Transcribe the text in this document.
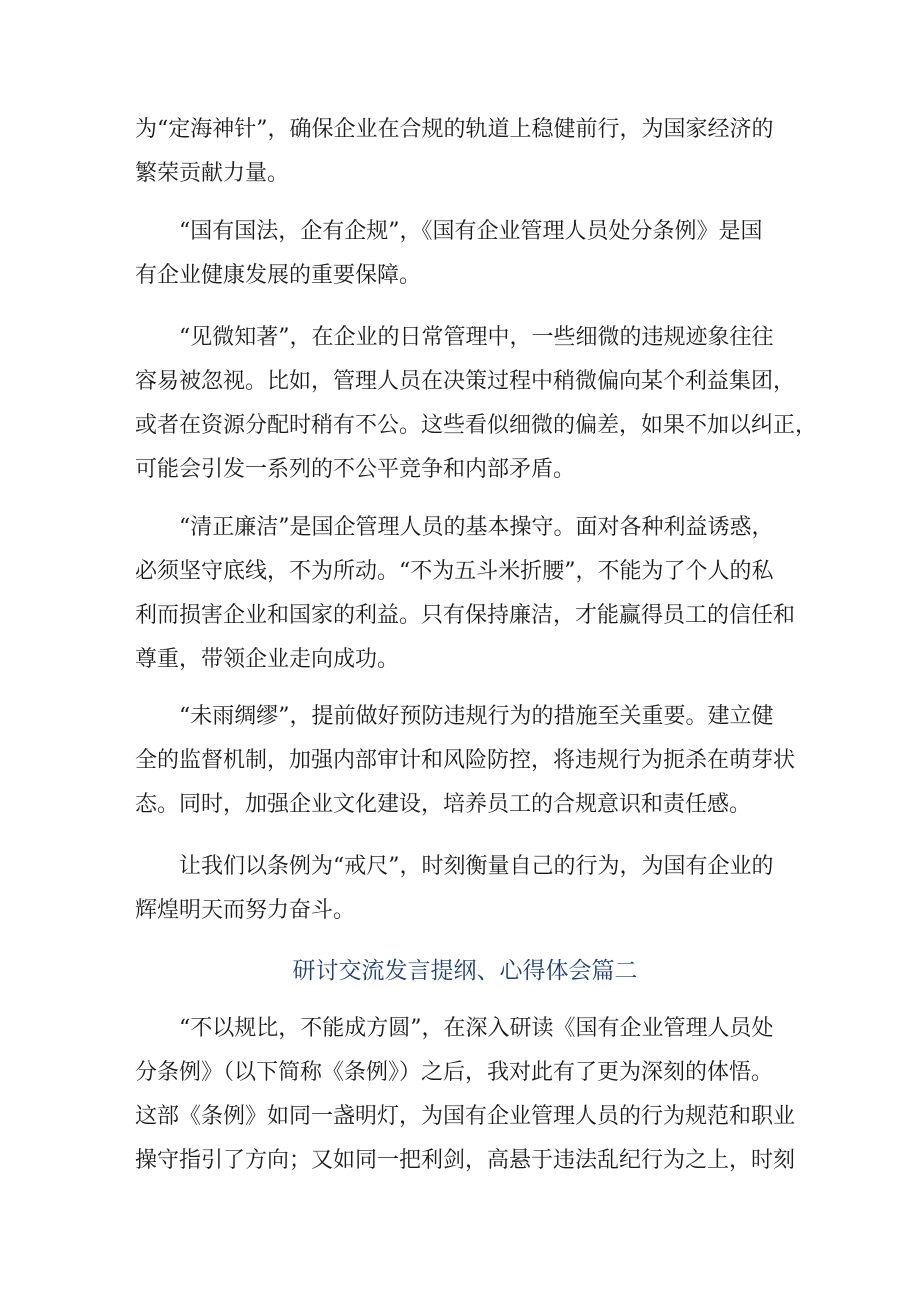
为“定海神针”，确保企业在合规的轨道上稳健前行，为国家经济的
繁荣贡献力量。
　　“国有国法，企有企规”，《国有企业管理人员处分条例》是国
有企业健康发展的重要保障。
　　“见微知著”，在企业的日常管理中，一些细微的违规迹象往往
容易被忽视。比如，管理人员在决策过程中稍微偏向某个利益集团，
或者在资源分配时稍有不公。这些看似细微的偏差，如果不加以纠正，
可能会引发一系列的不公平竞争和内部矛盾。
　　“清正廉洁”是国企管理人员的基本操守。面对各种利益诱惑，
必须坚守底线，不为所动。“不为五斗米折腰”，不能为了个人的私
利而损害企业和国家的利益。只有保持廉洁，才能赢得员工的信任和
尊重，带领企业走向成功。
　　“未雨绸缪”，提前做好预防违规行为的措施至关重要。建立健
全的监督机制，加强内部审计和风险防控，将违规行为扼杀在萌芽状
态。同时，加强企业文化建设，培养员工的合规意识和责任感。
　　让我们以条例为“戒尺”，时刻衡量自己的行为，为国有企业的
辉煌明天而努力奋斗。
研讨交流发言提纲、心得体会篇二
　　“不以规比，不能成方圆”，在深入研读《国有企业管理人员处
分条例》（以下简称《条例》）之后，我对此有了更为深刻的体悟。
这部《条例》如同一盏明灯，为国有企业管理人员的行为规范和职业
操守指引了方向；又如同一把利剑，高悬于违法乱纪行为之上，时刻
